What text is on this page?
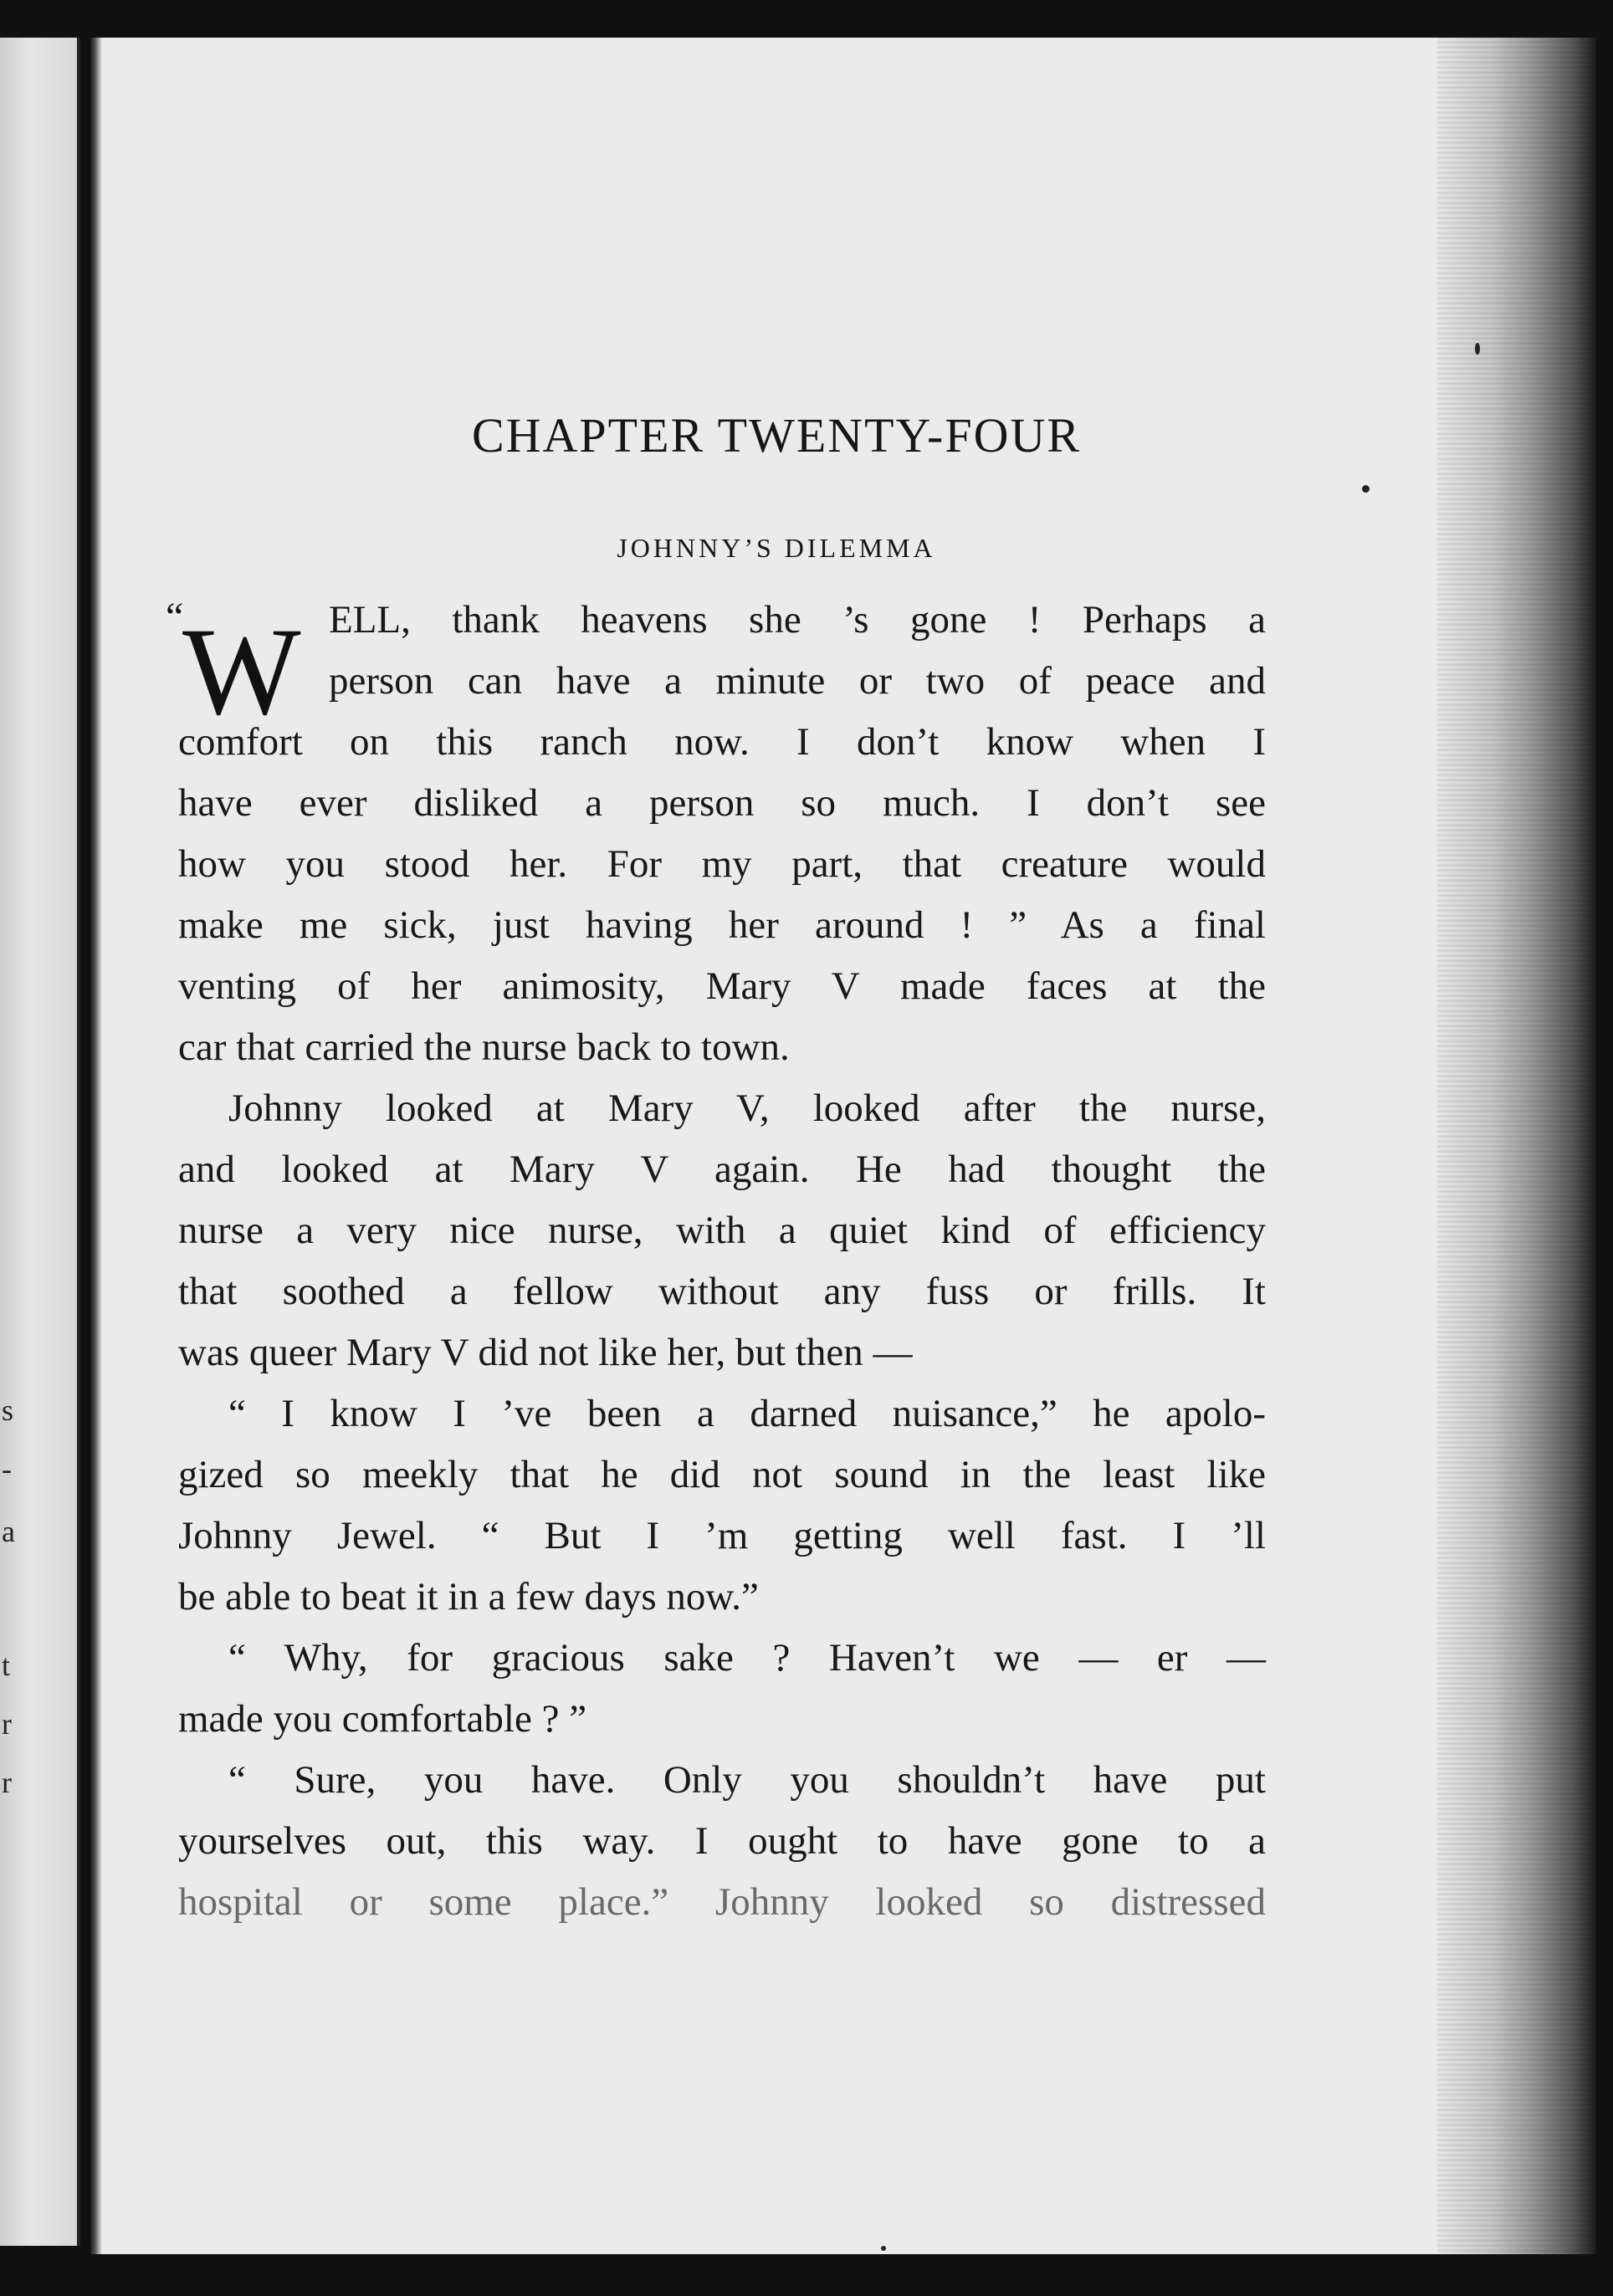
s
-
a
t
r
r
CHAPTER TWENTY-FOUR
JOHNNY’S DILEMMA
“
W ELL, thank heavens she ’s gone ! Perhaps a
person can have a minute or two of peace and
comfort on this ranch now. I don’t know when I
have ever disliked a person so much. I don’t see
how you stood her. For my part, that creature would
make me sick, just having her around ! ” As a final
venting of her animosity, Mary V made faces at the
car that carried the nurse back to town.
Johnny looked at Mary V, looked after the nurse,
and looked at Mary V again. He had thought the
nurse a very nice nurse, with a quiet kind of efficiency
that soothed a fellow without any fuss or frills. It
was queer Mary V did not like her, but then —
“ I know I ’ve been a darned nuisance,” he apolo-
gized so meekly that he did not sound in the least like
Johnny Jewel. “ But I ’m getting well fast. I ’ll
be able to beat it in a few days now.”
“ Why, for gracious sake ? Haven’t we — er —
made you comfortable ? ”
“ Sure, you have. Only you shouldn’t have put
yourselves out, this way. I ought to have gone to a
hospital or some place.” Johnny looked so distressed
